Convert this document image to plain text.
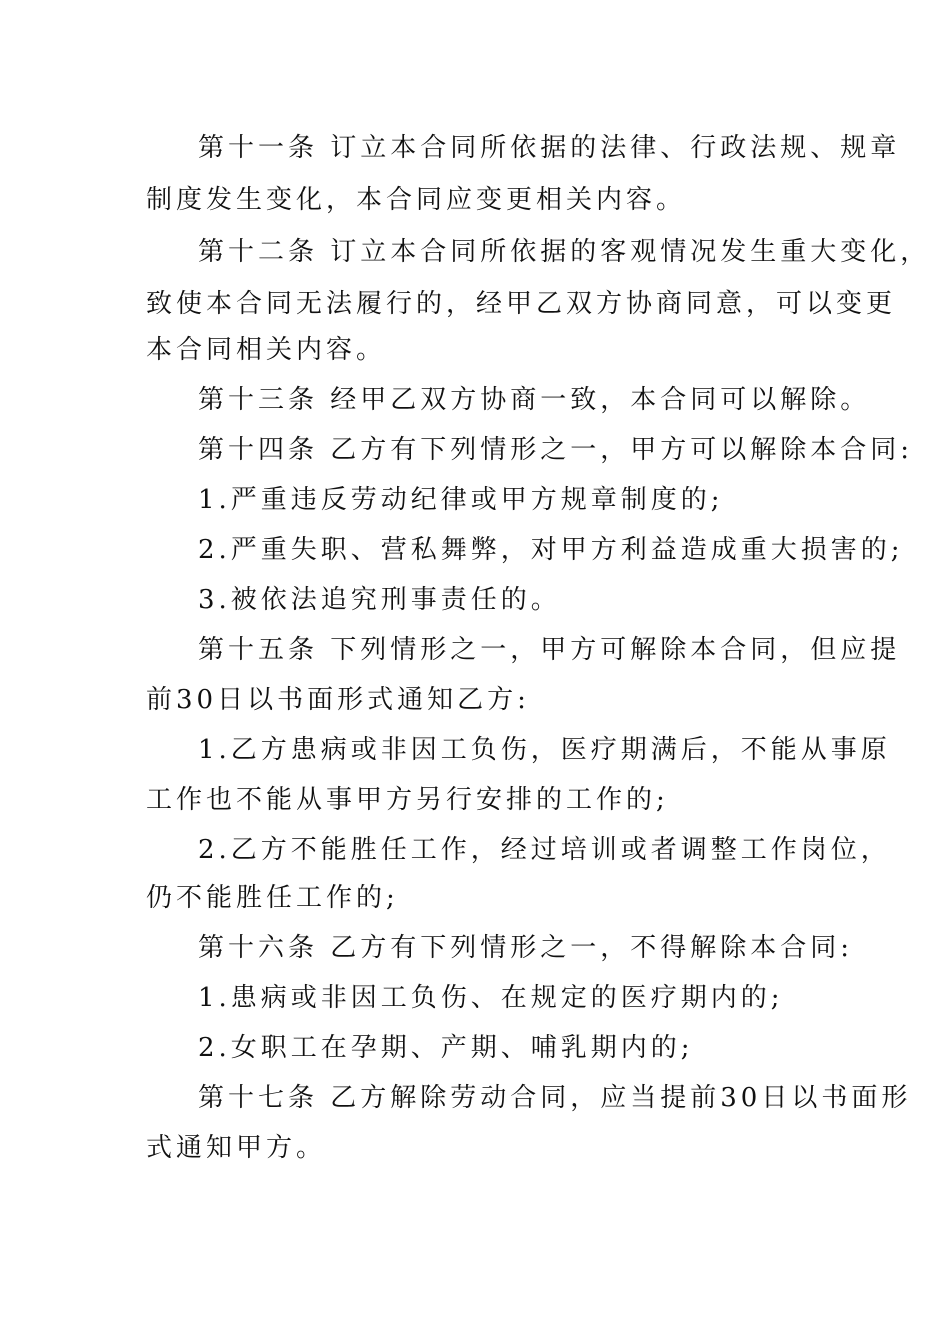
第十一条 订立本合同所依据的法律、行政法规、规章
制度发生变化，本合同应变更相关内容。
第十二条 订立本合同所依据的客观情况发生重大变化，
致使本合同无法履行的，经甲乙双方协商同意，可以变更
本合同相关内容。
第十三条 经甲乙双方协商一致，本合同可以解除。
第十四条 乙方有下列情形之一，甲方可以解除本合同:
1.严重违反劳动纪律或甲方规章制度的;
2.严重失职、营私舞弊，对甲方利益造成重大损害的;
3.被依法追究刑事责任的。
第十五条 下列情形之一，甲方可解除本合同，但应提
前30日以书面形式通知乙方:
1.乙方患病或非因工负伤，医疗期满后，不能从事原
工作也不能从事甲方另行安排的工作的;
2.乙方不能胜任工作，经过培训或者调整工作岗位，
仍不能胜任工作的;
第十六条 乙方有下列情形之一，不得解除本合同:
1.患病或非因工负伤、在规定的医疗期内的;
2.女职工在孕期、产期、哺乳期内的;
第十七条 乙方解除劳动合同，应当提前30日以书面形
式通知甲方。
